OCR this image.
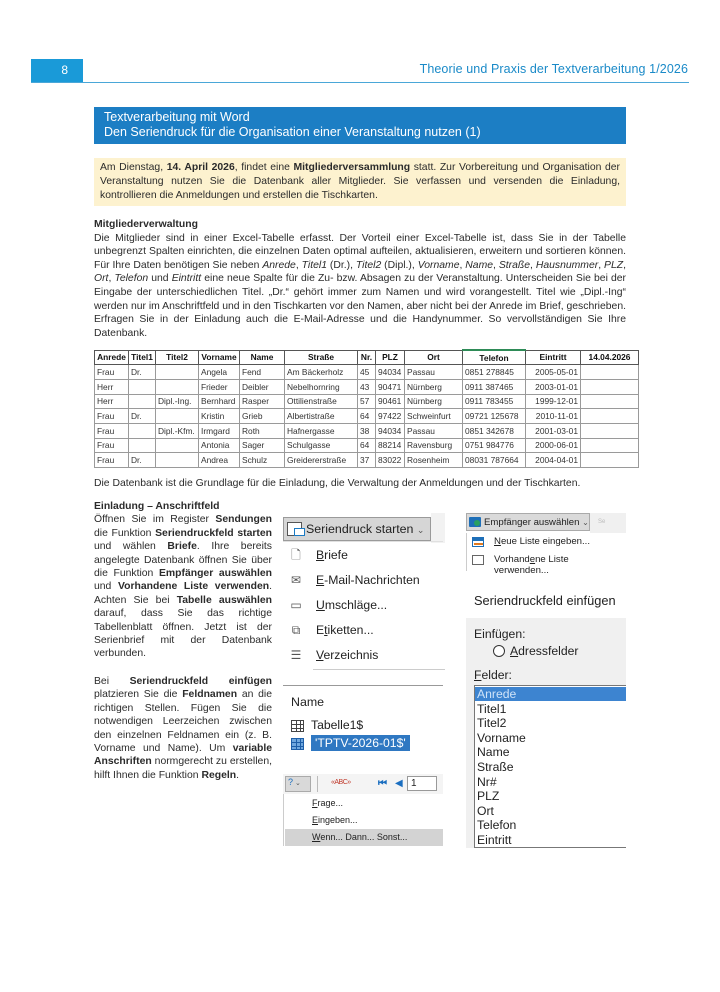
8	Theorie und Praxis der Textverarbeitung 1/2026
Textverarbeitung mit Word
Den Seriendruck für die Organisation einer Veranstaltung nutzen (1)
Am Dienstag, 14. April 2026, findet eine Mitgliederversammlung statt. Zur Vorbereitung und Organisation der Veranstaltung nutzen Sie die Datenbank aller Mitglieder. Sie verfassen und versenden die Einladung, kontrollieren die Anmeldungen und erstellen die Tischkarten.
Mitgliederverwaltung
Die Mitglieder sind in einer Excel-Tabelle erfasst. Der Vorteil einer Excel-Tabelle ist, dass Sie in der Tabelle unbegrenzt Spalten einrichten, die einzelnen Daten optimal aufteilen, aktualisieren, erweitern und sortieren können. Für Ihre Daten benötigen Sie neben Anrede, Titel1 (Dr.), Titel2 (Dipl.), Vorname, Name, Straße, Hausnummer, PLZ, Ort, Telefon und Eintritt eine neue Spalte für die Zu- bzw. Absagen zu der Veranstaltung. Unterscheiden Sie bei der Eingabe der unterschiedlichen Titel. „Dr.“ gehört immer zum Namen und wird vorangestellt. Titel wie „Dipl.-Ing“ werden nur im Anschriftfeld und in den Tischkarten vor den Namen, aber nicht bei der Anrede im Brief, geschrieben. Erfragen Sie in der Einladung auch die E-Mail-Adresse und die Handynummer. So vervollständigen Sie Ihre Datenbank.
Anrede	Titel1	Titel2	Vorname	Name	Straße	Nr.	PLZ	Ort	Telefon	Eintritt	14.04.2026
Frau	Dr.		Angela	Fend	Am Bäckerholz	45	94034	Passau	0851 278845	2005-05-01	
Herr			Frieder	Deibler	Nebelhornring	43	90471	Nürnberg	0911 387465	2003-01-01	
Herr		Dipl.-Ing.	Bernhard	Rasper	Ottilienstraße	57	90461	Nürnberg	0911 783455	1999-12-01	
Frau	Dr.		Kristin	Grieb	Albertistraße	64	97422	Schweinfurt	09721 125678	2010-11-01	
Frau		Dipl.-Kfm.	Irmgard	Roth	Hafnergasse	38	94034	Passau	0851 342678	2001-03-01	
Frau			Antonia	Sager	Schulgasse	64	88214	Ravensburg	0751 984776	2000-06-01	
Frau	Dr.		Andrea	Schulz	Greidererstraße	37	83022	Rosenheim	08031 787664	2004-04-01	
Die Datenbank ist die Grundlage für die Einladung, die Verwaltung der Anmeldungen und der Tischkarten.
Einladung – Anschriftfeld
Öffnen Sie im Register Sendungen die Funktion Seriendruckfeld starten und wählen Briefe. Ihre bereits angelegte Datenbank öffnen Sie über die Funktion Empfänger auswählen und Vorhandene Liste verwenden. Achten Sie bei Tabelle auswählen darauf, dass Sie das richtige Tabellenblatt öffnen. Jetzt ist der Serienbrief mit der Datenbank verbunden.
Bei Seriendruckfeld einfügen platzieren Sie die Feldnamen an die richtigen Stellen. Fügen Sie die notwendigen Leerzeichen zwischen den einzelnen Feldnamen ein (z. B. Vorname und Name). Um variable Anschriften normgerecht zu erstellen, hilft Ihnen die Funktion Regeln.
Seriendruck starten ⌄
🗋 Briefe
✉ E-Mail-Nachrichten
▭ Umschläge...
⧉ Etiketten...
☰ Verzeichnis
Name
Tabelle1$
'TPTV-2026-01$'
? ⌄	«ABC»	⏮ ◀ 1
Frage...
Eingeben...
Wenn... Dann... Sonst...
Se
Empfänger auswählen ⌄
Neue Liste eingeben...
Vorhandene Liste verwenden...
Seriendruckfeld einfügen
Einfügen:
Adressfelder
Felder:
Anrede
Titel1
Titel2
Vorname
Name
Straße
Nr#
PLZ
Ort
Telefon
Eintritt
